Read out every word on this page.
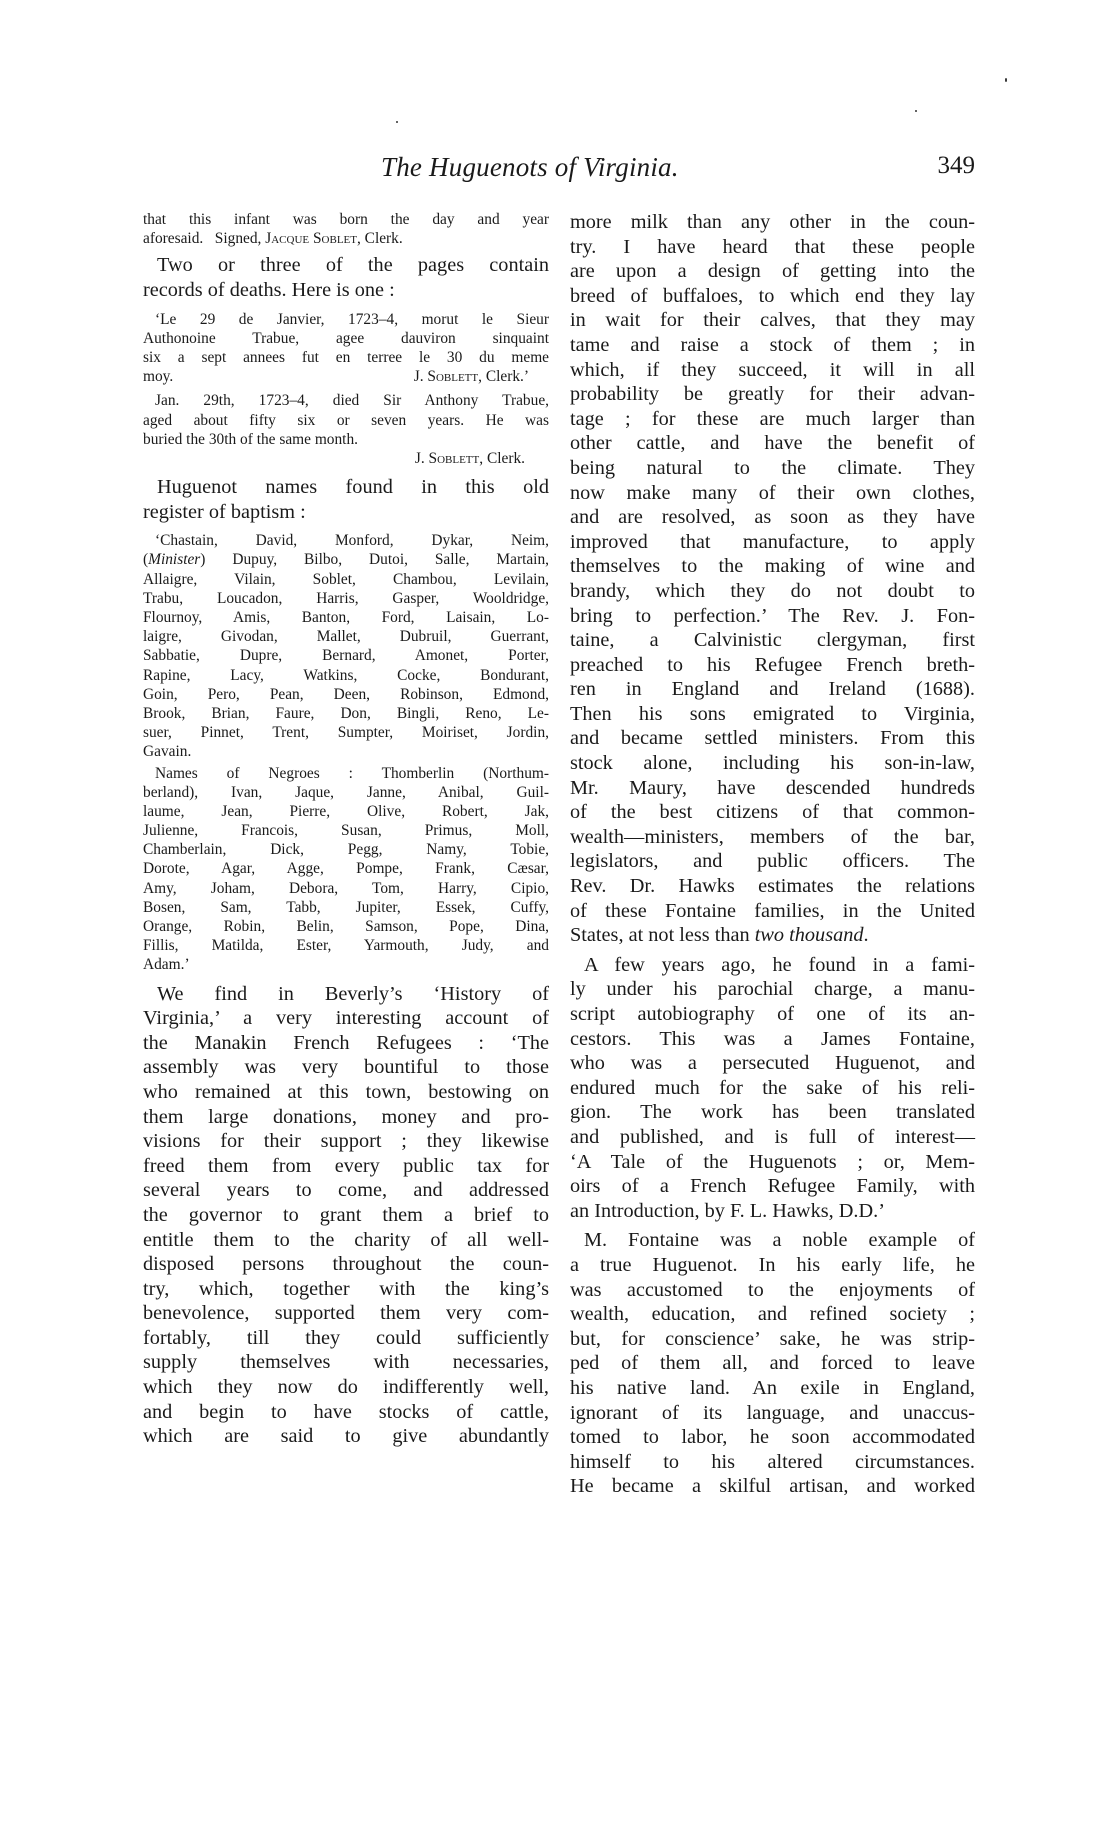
The Huguenots of Virginia.	349
that this infant was born the day and year
aforesaid.   Signed, Jacque Soblet, Clerk.
Two or three of the pages contain
records of deaths. Here is one :
‘Le 29 de Janvier, 1723–4, morut le Sieur
Authonoine Trabue, agee dauviron sinquaint
six a sept annees fut en terree le 30 du meme
moy.	J. Soblett, Clerk.’
Jan. 29th, 1723–4, died Sir Anthony Trabue,
aged about fifty six or seven years. He was
buried the 30th of the same month.
J. Soblett, Clerk.
Huguenot names found in this old
register of baptism :
‘Chastain, David, Monford, Dykar, Neim,
(Minister) Dupuy, Bilbo, Dutoi, Salle, Martain,
Allaigre, Vilain, Soblet, Chambou, Levilain,
Trabu, Loucadon, Harris, Gasper, Wooldridge,
Flournoy, Amis, Banton, Ford, Laisain, Lo-
laigre, Givodan, Mallet, Dubruil, Guerrant,
Sabbatie, Dupre, Bernard, Amonet, Porter,
Rapine, Lacy, Watkins, Cocke, Bondurant,
Goin, Pero, Pean, Deen, Robinson, Edmond,
Brook, Brian, Faure, Don, Bingli, Reno, Le-
suer, Pinnet, Trent, Sumpter, Moiriset, Jordin,
Gavain.
Names of Negroes : Thomberlin (Northum-
berland), Ivan, Jaque, Janne, Anibal, Guil-
laume, Jean, Pierre, Olive, Robert, Jak,
Julienne, Francois, Susan, Primus, Moll,
Chamberlain, Dick, Pegg, Namy, Tobie,
Dorote, Agar, Agge, Pompe, Frank, Cæsar,
Amy, Joham, Debora, Tom, Harry, Cipio,
Bosen, Sam, Tabb, Jupiter, Essek, Cuffy,
Orange, Robin, Belin, Samson, Pope, Dina,
Fillis, Matilda, Ester, Yarmouth, Judy, and
Adam.’
We find in Beverly’s ‘History of
Virginia,’ a very interesting account of
the Manakin French Refugees : ‘The
assembly was very bountiful to those
who remained at this town, bestowing on
them large donations, money and pro-
visions for their support ; they likewise
freed them from every public tax for
several years to come, and addressed
the governor to grant them a brief to
entitle them to the charity of all well-
disposed persons throughout the coun-
try, which, together with the king’s
benevolence, supported them very com-
fortably, till they could sufficiently
supply themselves with necessaries,
which they now do indifferently well,
and begin to have stocks of cattle,
which are said to give abundantly
more milk than any other in the coun-
try. I have heard that these people
are upon a design of getting into the
breed of buffaloes, to which end they lay
in wait for their calves, that they may
tame and raise a stock of them ; in
which, if they succeed, it will in all
probability be greatly for their advan-
tage ; for these are much larger than
other cattle, and have the benefit of
being natural to the climate. They
now make many of their own clothes,
and are resolved, as soon as they have
improved that manufacture, to apply
themselves to the making of wine and
brandy, which they do not doubt to
bring to perfection.’ The Rev. J. Fon-
taine, a Calvinistic clergyman, first
preached to his Refugee French breth-
ren in England and Ireland (1688).
Then his sons emigrated to Virginia,
and became settled ministers. From this
stock alone, including his son-in-law,
Mr. Maury, have descended hundreds
of the best citizens of that common-
wealth—ministers, members of the bar,
legislators, and public officers. The
Rev. Dr. Hawks estimates the relations
of these Fontaine families, in the United
States, at not less than two thousand.
A few years ago, he found in a fami-
ly under his parochial charge, a manu-
script autobiography of one of its an-
cestors. This was a James Fontaine,
who was a persecuted Huguenot, and
endured much for the sake of his reli-
gion. The work has been translated
and published, and is full of interest—
‘A Tale of the Huguenots ; or, Mem-
oirs of a French Refugee Family, with
an Introduction, by F. L. Hawks, D.D.’
M. Fontaine was a noble example of
a true Huguenot. In his early life, he
was accustomed to the enjoyments of
wealth, education, and refined society ;
but, for conscience’ sake, he was strip-
ped of them all, and forced to leave
his native land. An exile in England,
ignorant of its language, and unaccus-
tomed to labor, he soon accommodated
himself to his altered circumstances.
He became a skilful artisan, and worked
